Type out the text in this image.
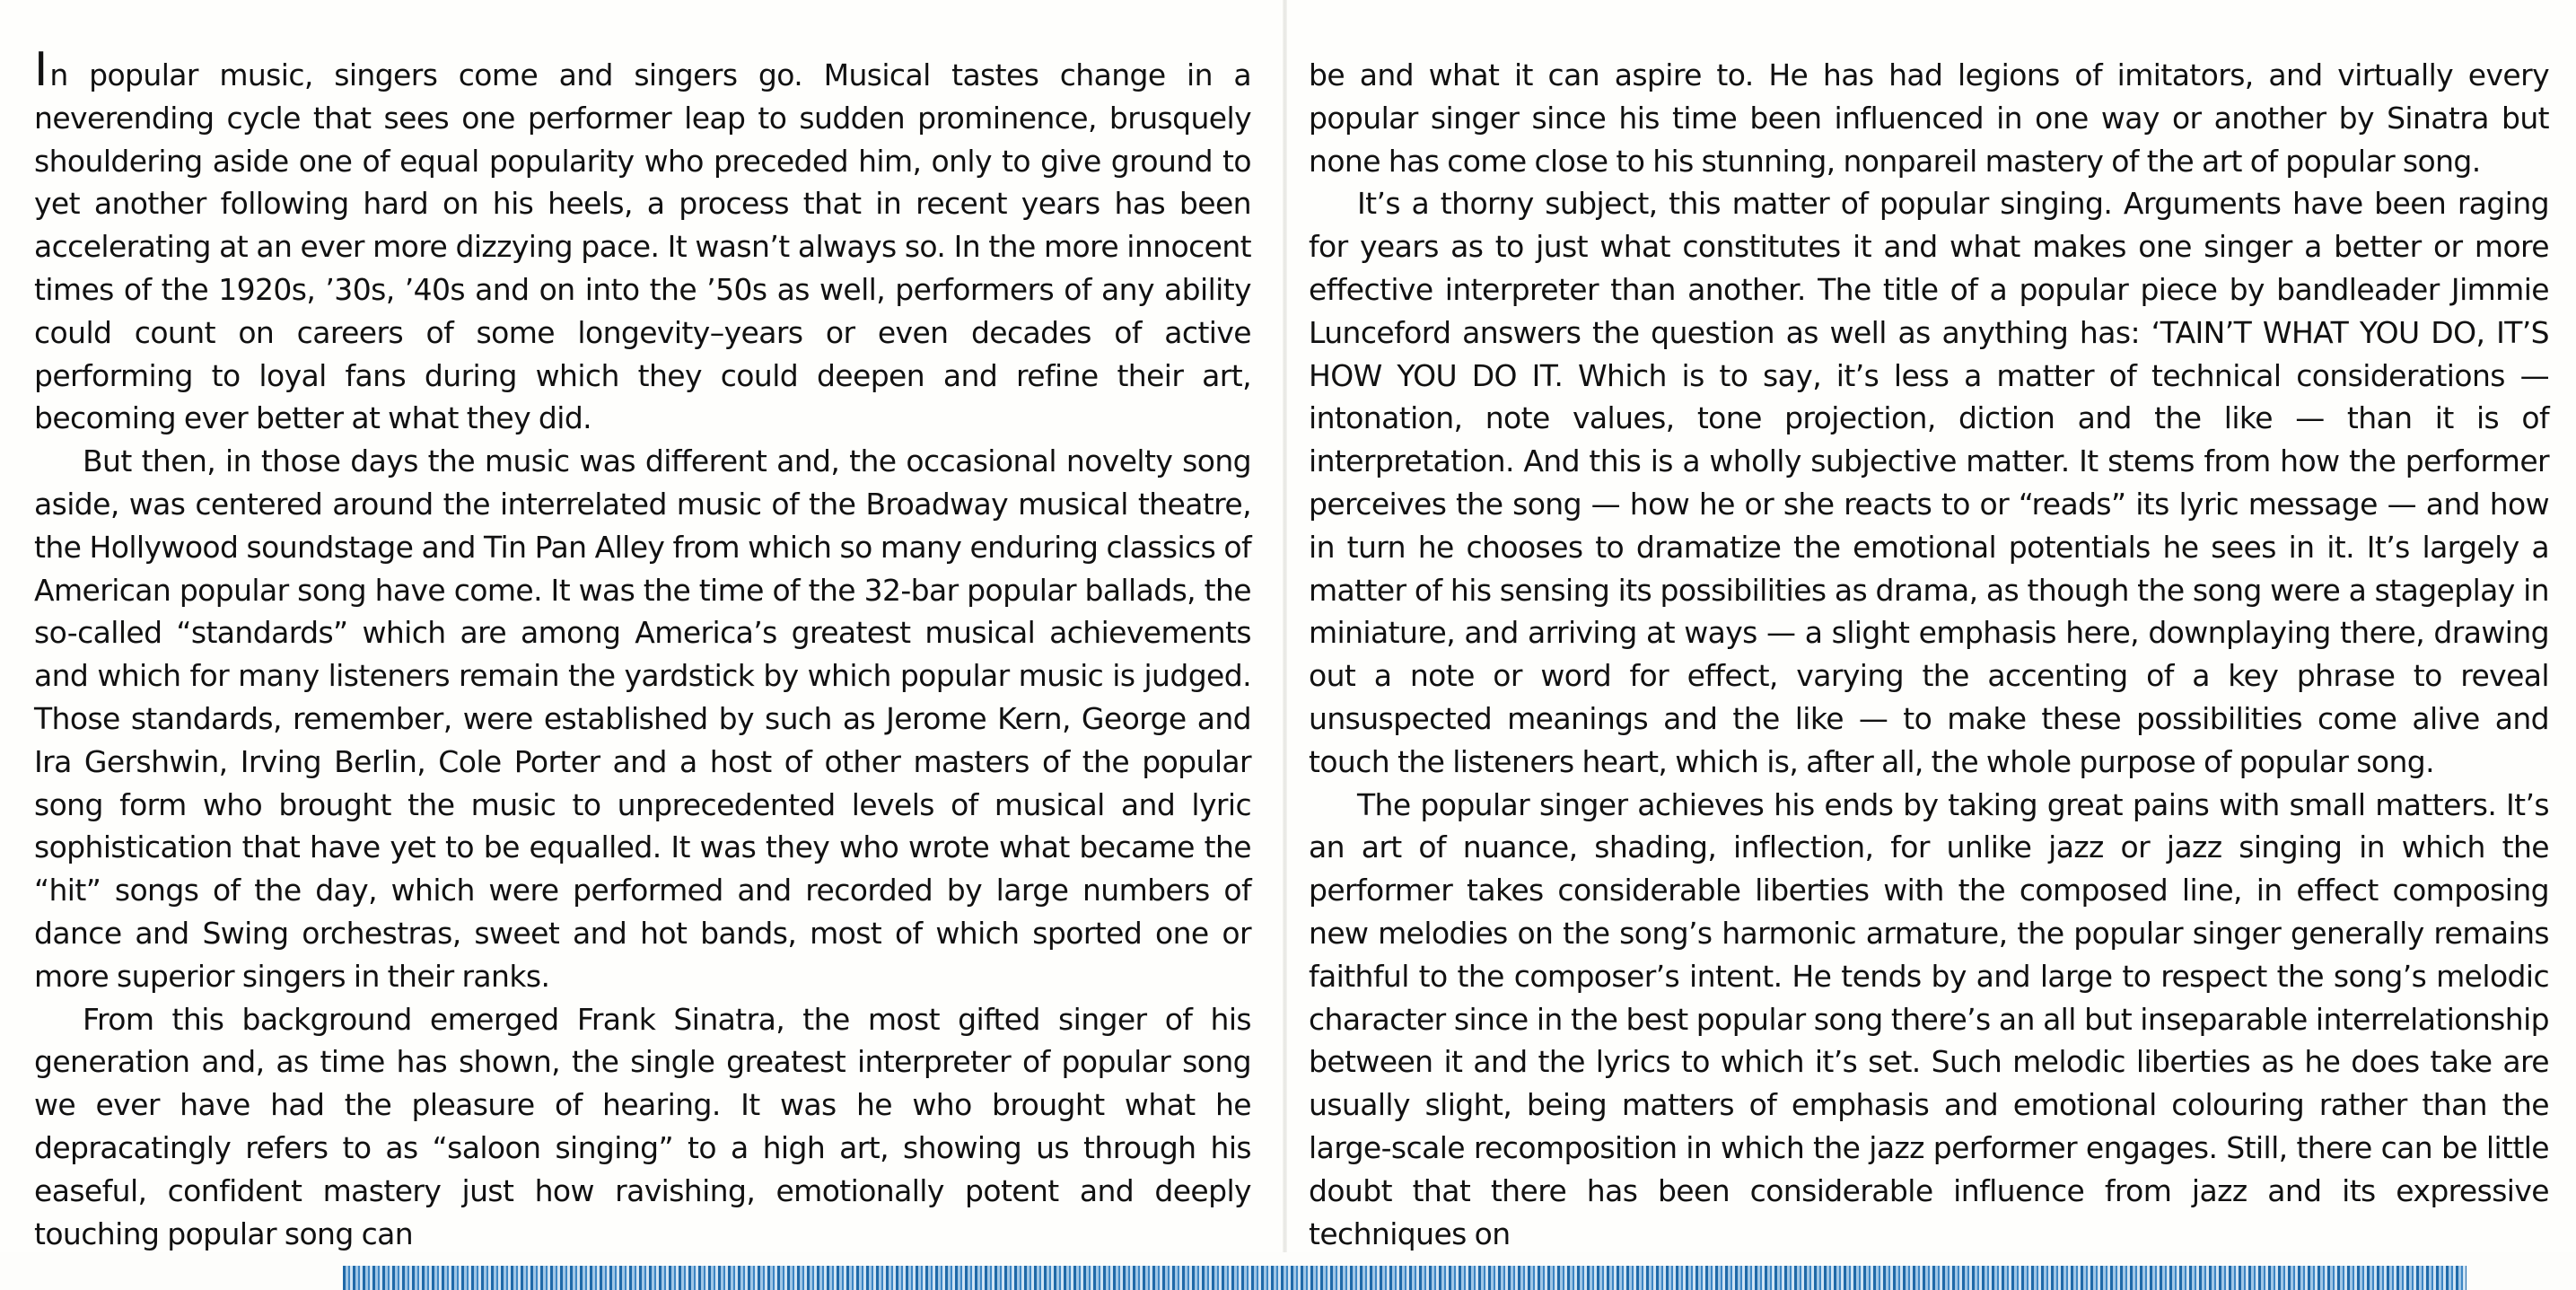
In popular music, singers come and singers go. Musical tastes change in a neverending cycle that sees one performer leap to sudden prominence, brusquely shouldering aside one of equal popularity who preceded him, only to give ground to yet another following hard on his heels, a process that in recent years has been accelerating at an ever more dizzying pace. It wasn’t always so. In the more innocent times of the 1920s, ’30s, ’40s and on into the ’50s as well, performers of any ability could count on careers of some longevity–years or even decades of active performing to loyal fans during which they could deepen and refine their art, becoming ever better at what they did.

But then, in those days the music was different and, the occasional novelty song aside, was centered around the interrelated music of the Broadway musical theatre, the Hollywood soundstage and Tin Pan Alley from which so many enduring classics of American popular song have come. It was the time of the 32-bar popular ballads, the so-called “standards” which are among America’s greatest musical achievements and which for many listeners remain the yardstick by which popular music is judged. Those standards, remember, were established by such as Jerome Kern, George and Ira Gershwin, Irving Berlin, Cole Porter and a host of other masters of the popular song form who brought the music to unprecedented levels of musical and lyric sophistication that have yet to be equalled. It was they who wrote what became the “hit” songs of the day, which were performed and recorded by large numbers of dance and Swing orchestras, sweet and hot bands, most of which sported one or more superior singers in their ranks.

From this background emerged Frank Sinatra, the most gifted singer of his generation and, as time has shown, the single greatest interpreter of popular song we ever have had the pleasure of hearing. It was he who brought what he depracatingly refers to as “saloon singing” to a high art, showing us through his easeful, confident mastery just how ravishing, emotionally potent and deeply touching popular song can

be and what it can aspire to. He has had legions of imitators, and virtually every popular singer since his time been influenced in one way or another by Sinatra but none has come close to his stunning, nonpareil mastery of the art of popular song.

It’s a thorny subject, this matter of popular singing. Arguments have been raging for years as to just what constitutes it and what makes one singer a better or more effective interpreter than another. The title of a popular piece by bandleader Jimmie Lunceford answers the question as well as anything has: ‘TAIN’T WHAT YOU DO, IT’S HOW YOU DO IT. Which is to say, it’s less a matter of technical considerations — intonation, note values, tone projection, diction and the like — than it is of interpretation. And this is a wholly subjective matter. It stems from how the performer perceives the song — how he or she reacts to or “reads” its lyric message — and how in turn he chooses to dramatize the emotional potentials he sees in it. It’s largely a matter of his sensing its possibilities as drama, as though the song were a stageplay in miniature, and arriving at ways — a slight emphasis here, downplaying there, drawing out a note or word for effect, varying the accenting of a key phrase to reveal unsuspected meanings and the like — to make these possibilities come alive and touch the listeners heart, which is, after all, the whole purpose of popular song.

The popular singer achieves his ends by taking great pains with small matters. It’s an art of nuance, shading, inflection, for unlike jazz or jazz singing in which the performer takes considerable liberties with the composed line, in effect composing new melodies on the song’s harmonic armature, the popular singer generally remains faithful to the composer’s intent. He tends by and large to respect the song’s melodic character since in the best popular song there’s an all but inseparable interrelationship between it and the lyrics to which it’s set. Such melodic liberties as he does take are usually slight, being matters of emphasis and emotional colouring rather than the large-scale recomposition in which the jazz performer engages. Still, there can be little doubt that there has been considerable influence from jazz and its expressive techniques on
